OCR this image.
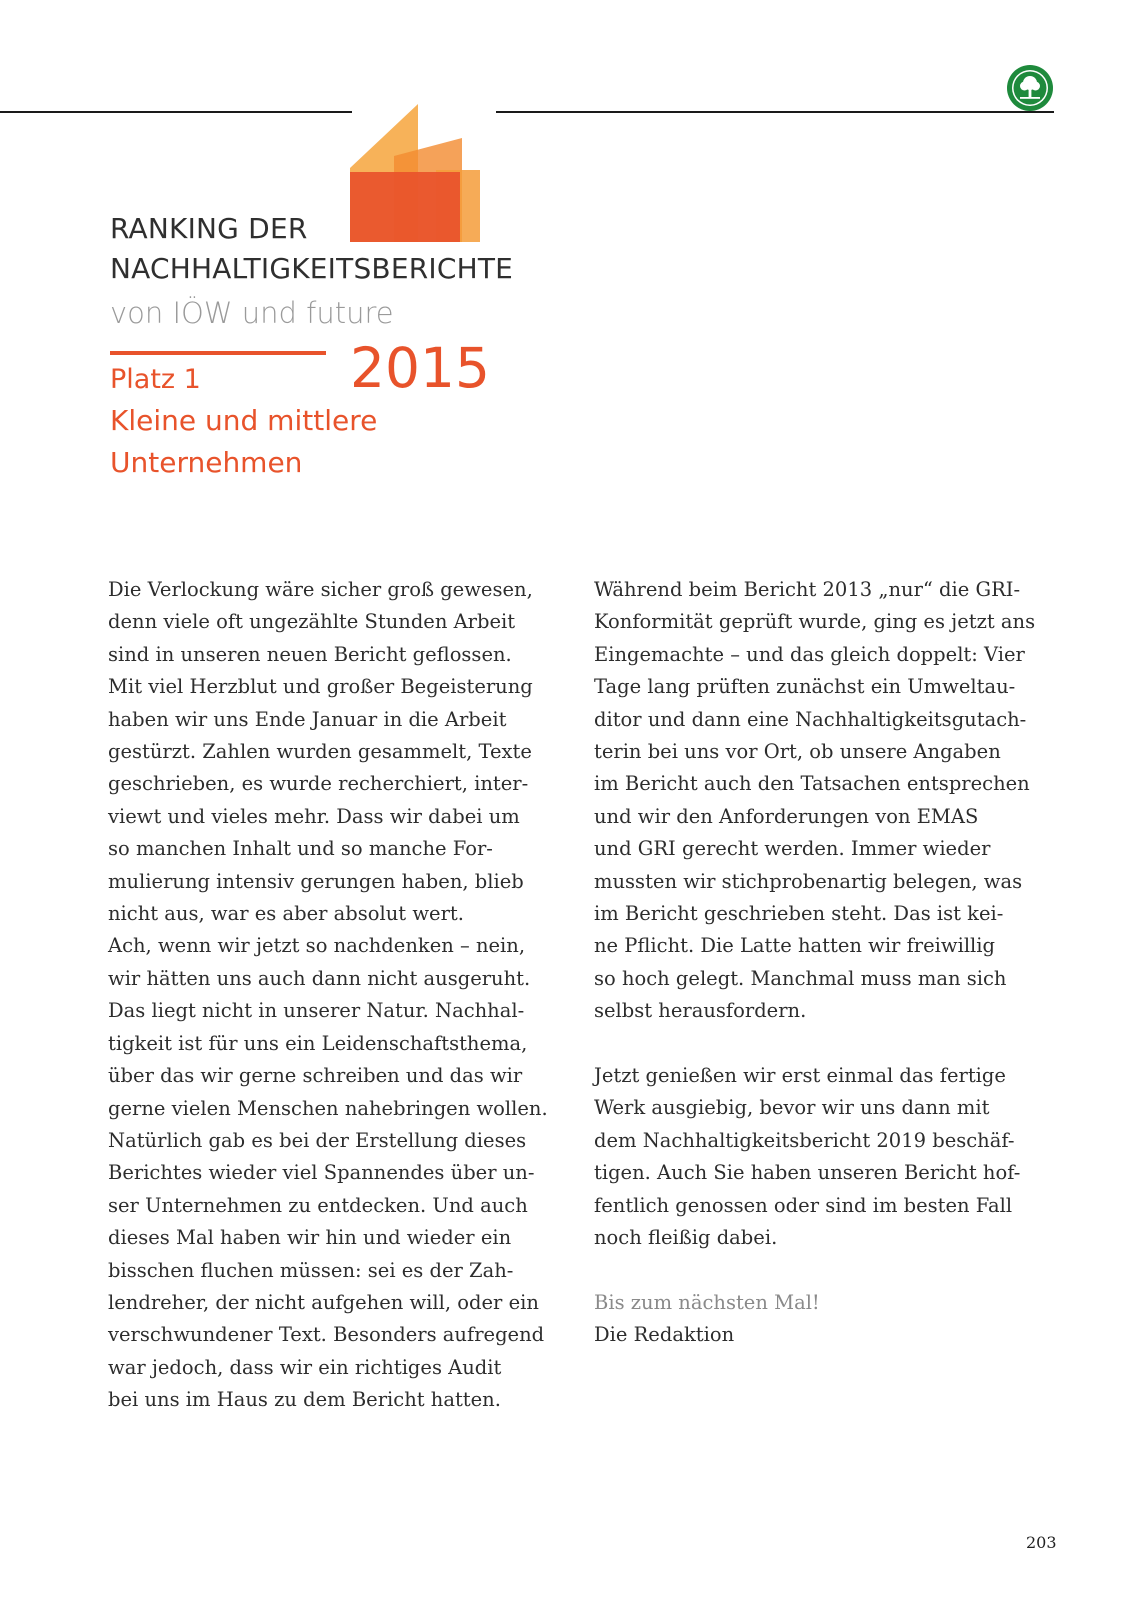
RANKING DER
NACHHALTIGKEITSBERICHTE
von IÖW und future
2015
Platz 1
Kleine und mittlere
Unternehmen
Die Verlockung wäre sicher groß gewesen,
denn viele oft ungezählte Stunden Arbeit
sind in unseren neuen Bericht geflossen.
Mit viel Herzblut und großer Begeisterung
haben wir uns Ende Januar in die Arbeit
gestürzt. Zahlen wurden gesammelt, Texte
geschrieben, es wurde recherchiert, inter-
viewt und vieles mehr. Dass wir dabei um
so manchen Inhalt und so manche For-
mulierung intensiv gerungen haben, blieb
nicht aus, war es aber absolut wert.
Ach, wenn wir jetzt so nachdenken – nein,
wir hätten uns auch dann nicht ausgeruht.
Das liegt nicht in unserer Natur. Nachhal-
tigkeit ist für uns ein Leidenschaftsthema,
über das wir gerne schreiben und das wir
gerne vielen Menschen nahebringen wollen.
Natürlich gab es bei der Erstellung dieses
Berichtes wieder viel Spannendes über un-
ser Unternehmen zu entdecken. Und auch
dieses Mal haben wir hin und wieder ein
bisschen fluchen müssen: sei es der Zah-
lendreher, der nicht aufgehen will, oder ein
verschwundener Text. Besonders aufregend
war jedoch, dass wir ein richtiges Audit
bei uns im Haus zu dem Bericht hatten.
Während beim Bericht 2013 „nur“ die GRI-
Konformität geprüft wurde, ging es jetzt ans
Eingemachte – und das gleich doppelt: Vier
Tage lang prüften zunächst ein Umweltau-
ditor und dann eine Nachhaltigkeitsgutach-
terin bei uns vor Ort, ob unsere Angaben
im Bericht auch den Tatsachen entsprechen
und wir den Anforderungen von EMAS
und GRI gerecht werden. Immer wieder
mussten wir stichprobenartig belegen, was
im Bericht geschrieben steht. Das ist kei-
ne Pflicht. Die Latte hatten wir freiwillig
so hoch gelegt. Manchmal muss man sich
selbst herausfordern.
Jetzt genießen wir erst einmal das fertige
Werk ausgiebig, bevor wir uns dann mit
dem Nachhaltigkeitsbericht 2019 beschäf-
tigen. Auch Sie haben unseren Bericht hof-
fentlich genossen oder sind im besten Fall
noch fleißig dabei.
Bis zum nächsten Mal!
Die Redaktion
203
